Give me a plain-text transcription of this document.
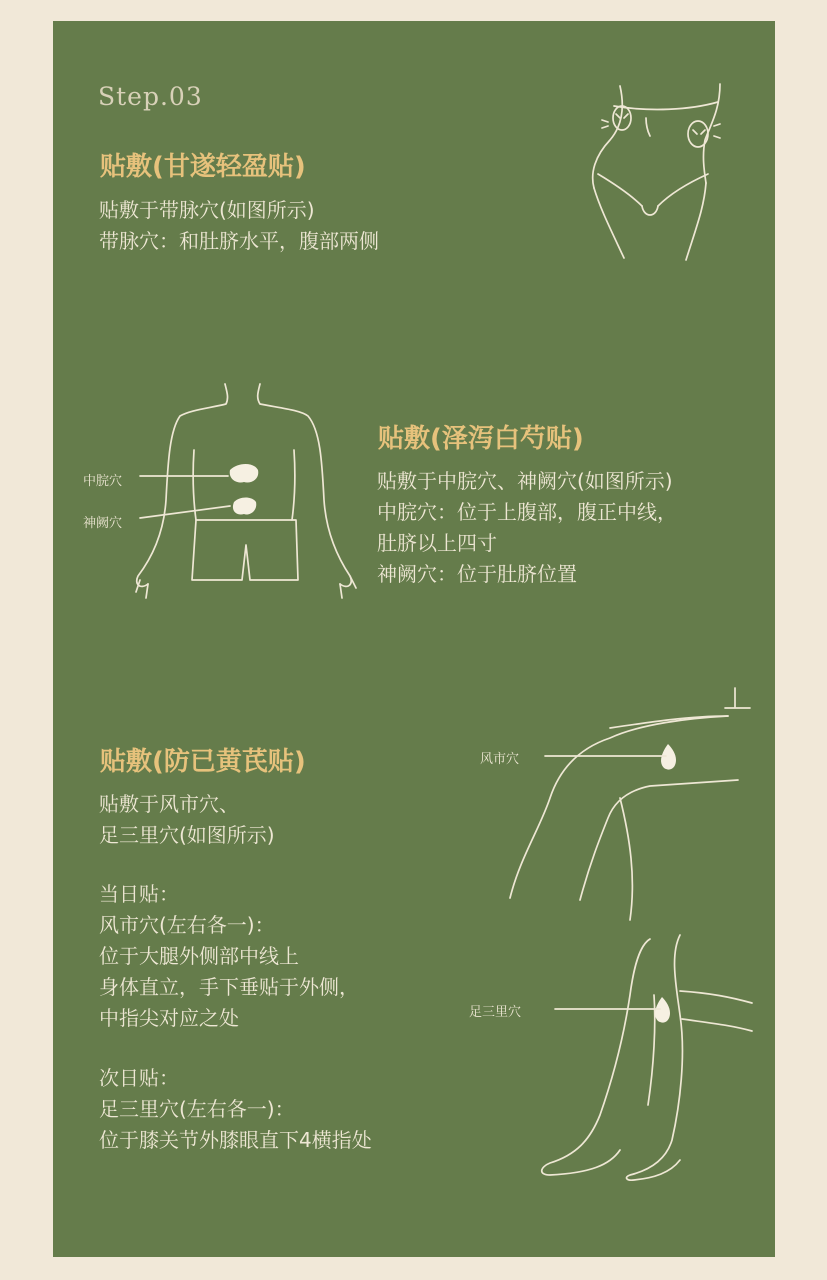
Step.03
贴敷(甘遂轻盈贴)
贴敷于带脉穴(如图所示)
带脉穴：和肚脐水平，腹部两侧
贴敷(泽泻白芍贴)
贴敷于中脘穴、神阙穴(如图所示)
中脘穴：位于上腹部，腹正中线，
肚脐以上四寸
神阙穴：位于肚脐位置
中脘穴
神阙穴
贴敷(防已黄芪贴)
贴敷于风市穴、
足三里穴(如图所示)
当日贴：
风市穴(左右各一)：
位于大腿外侧部中线上
身体直立，手下垂贴于外侧，
中指尖对应之处
次日贴：
足三里穴(左右各一)：
位于膝关节外膝眼直下4横指处
风市穴
足三里穴
